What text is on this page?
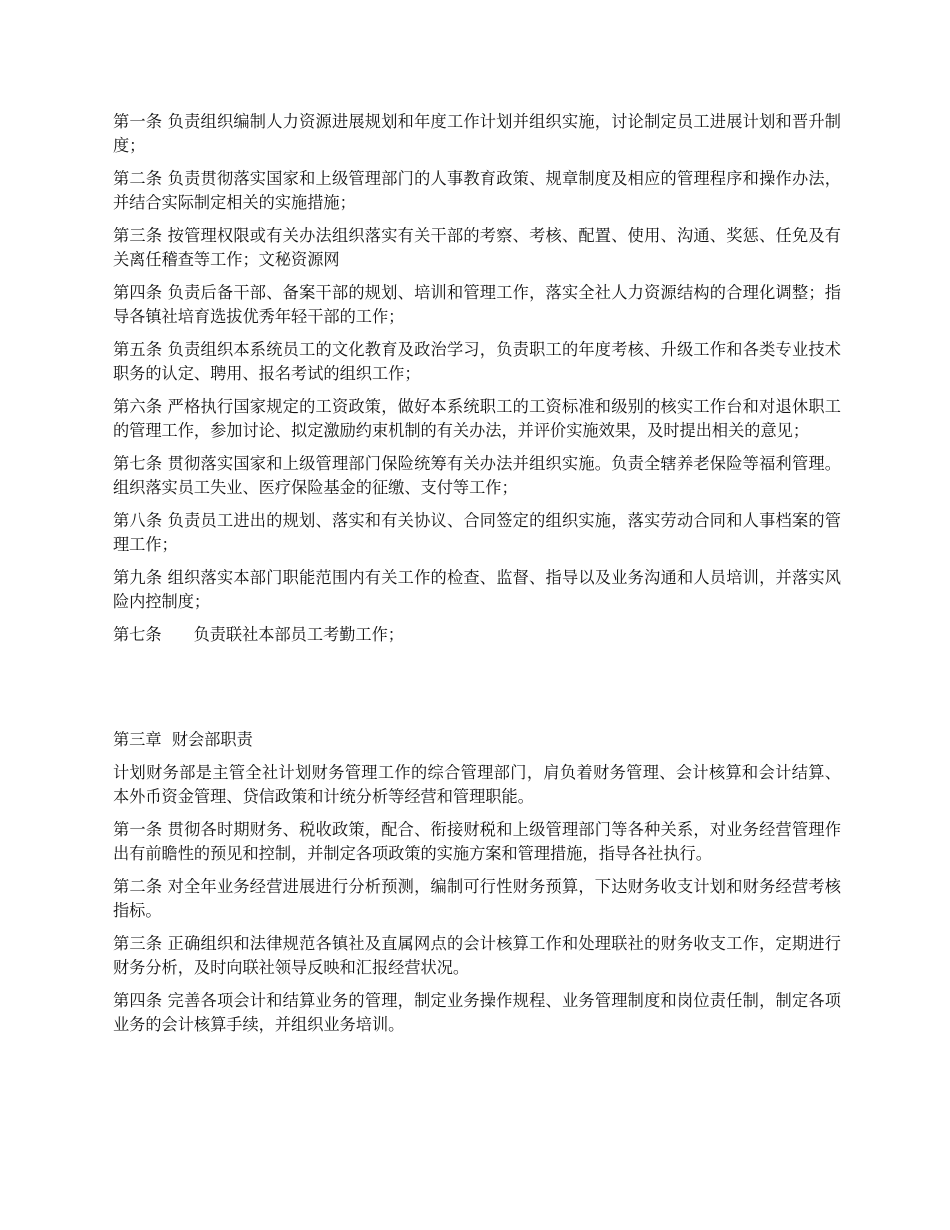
第一条 负责组织编制人力资源进展规划和年度工作计划并组织实施，讨论制定员工进展计划和晋升制度；

第二条 负责贯彻落实国家和上级管理部门的人事教育政策、规章制度及相应的管理程序和操作办法，并结合实际制定相关的实施措施；

第三条 按管理权限或有关办法组织落实有关干部的考察、考核、配置、使用、沟通、奖惩、任免及有关离任稽查等工作；文秘资源网

第四条 负责后备干部、备案干部的规划、培训和管理工作，落实全社人力资源结构的合理化调整；指导各镇社培育选拔优秀年轻干部的工作；

第五条 负责组织本系统员工的文化教育及政治学习，负责职工的年度考核、升级工作和各类专业技术职务的认定、聘用、报名考试的组织工作；

第六条 严格执行国家规定的工资政策，做好本系统职工的工资标准和级别的核实工作台和对退休职工的管理工作，参加讨论、拟定激励约束机制的有关办法，并评价实施效果，及时提出相关的意见；

第七条 贯彻落实国家和上级管理部门保险统筹有关办法并组织实施。负责全辖养老保险等福利管理。组织落实员工失业、医疗保险基金的征缴、支付等工作；

第八条 负责员工进出的规划、落实和有关协议、合同签定的组织实施，落实劳动合同和人事档案的管理工作；

第九条 组织落实本部门职能范围内有关工作的检查、监督、指导以及业务沟通和人员培训，并落实风险内控制度；

第七条 负责联社本部员工考勤工作；

第三章  财会部职责

计划财务部是主管全社计划财务管理工作的综合管理部门，肩负着财务管理、会计核算和会计结算、本外币资金管理、贷信政策和计统分析等经营和管理职能。

第一条 贯彻各时期财务、税收政策，配合、衔接财税和上级管理部门等各种关系，对业务经营管理作出有前瞻性的预见和控制，并制定各项政策的实施方案和管理措施，指导各社执行。

第二条 对全年业务经营进展进行分析预测，编制可行性财务预算，下达财务收支计划和财务经营考核指标。

第三条 正确组织和法律规范各镇社及直属网点的会计核算工作和处理联社的财务收支工作，定期进行财务分析，及时向联社领导反映和汇报经营状况。

第四条 完善各项会计和结算业务的管理，制定业务操作规程、业务管理制度和岗位责任制，制定各项业务的会计核算手续，并组织业务培训。
